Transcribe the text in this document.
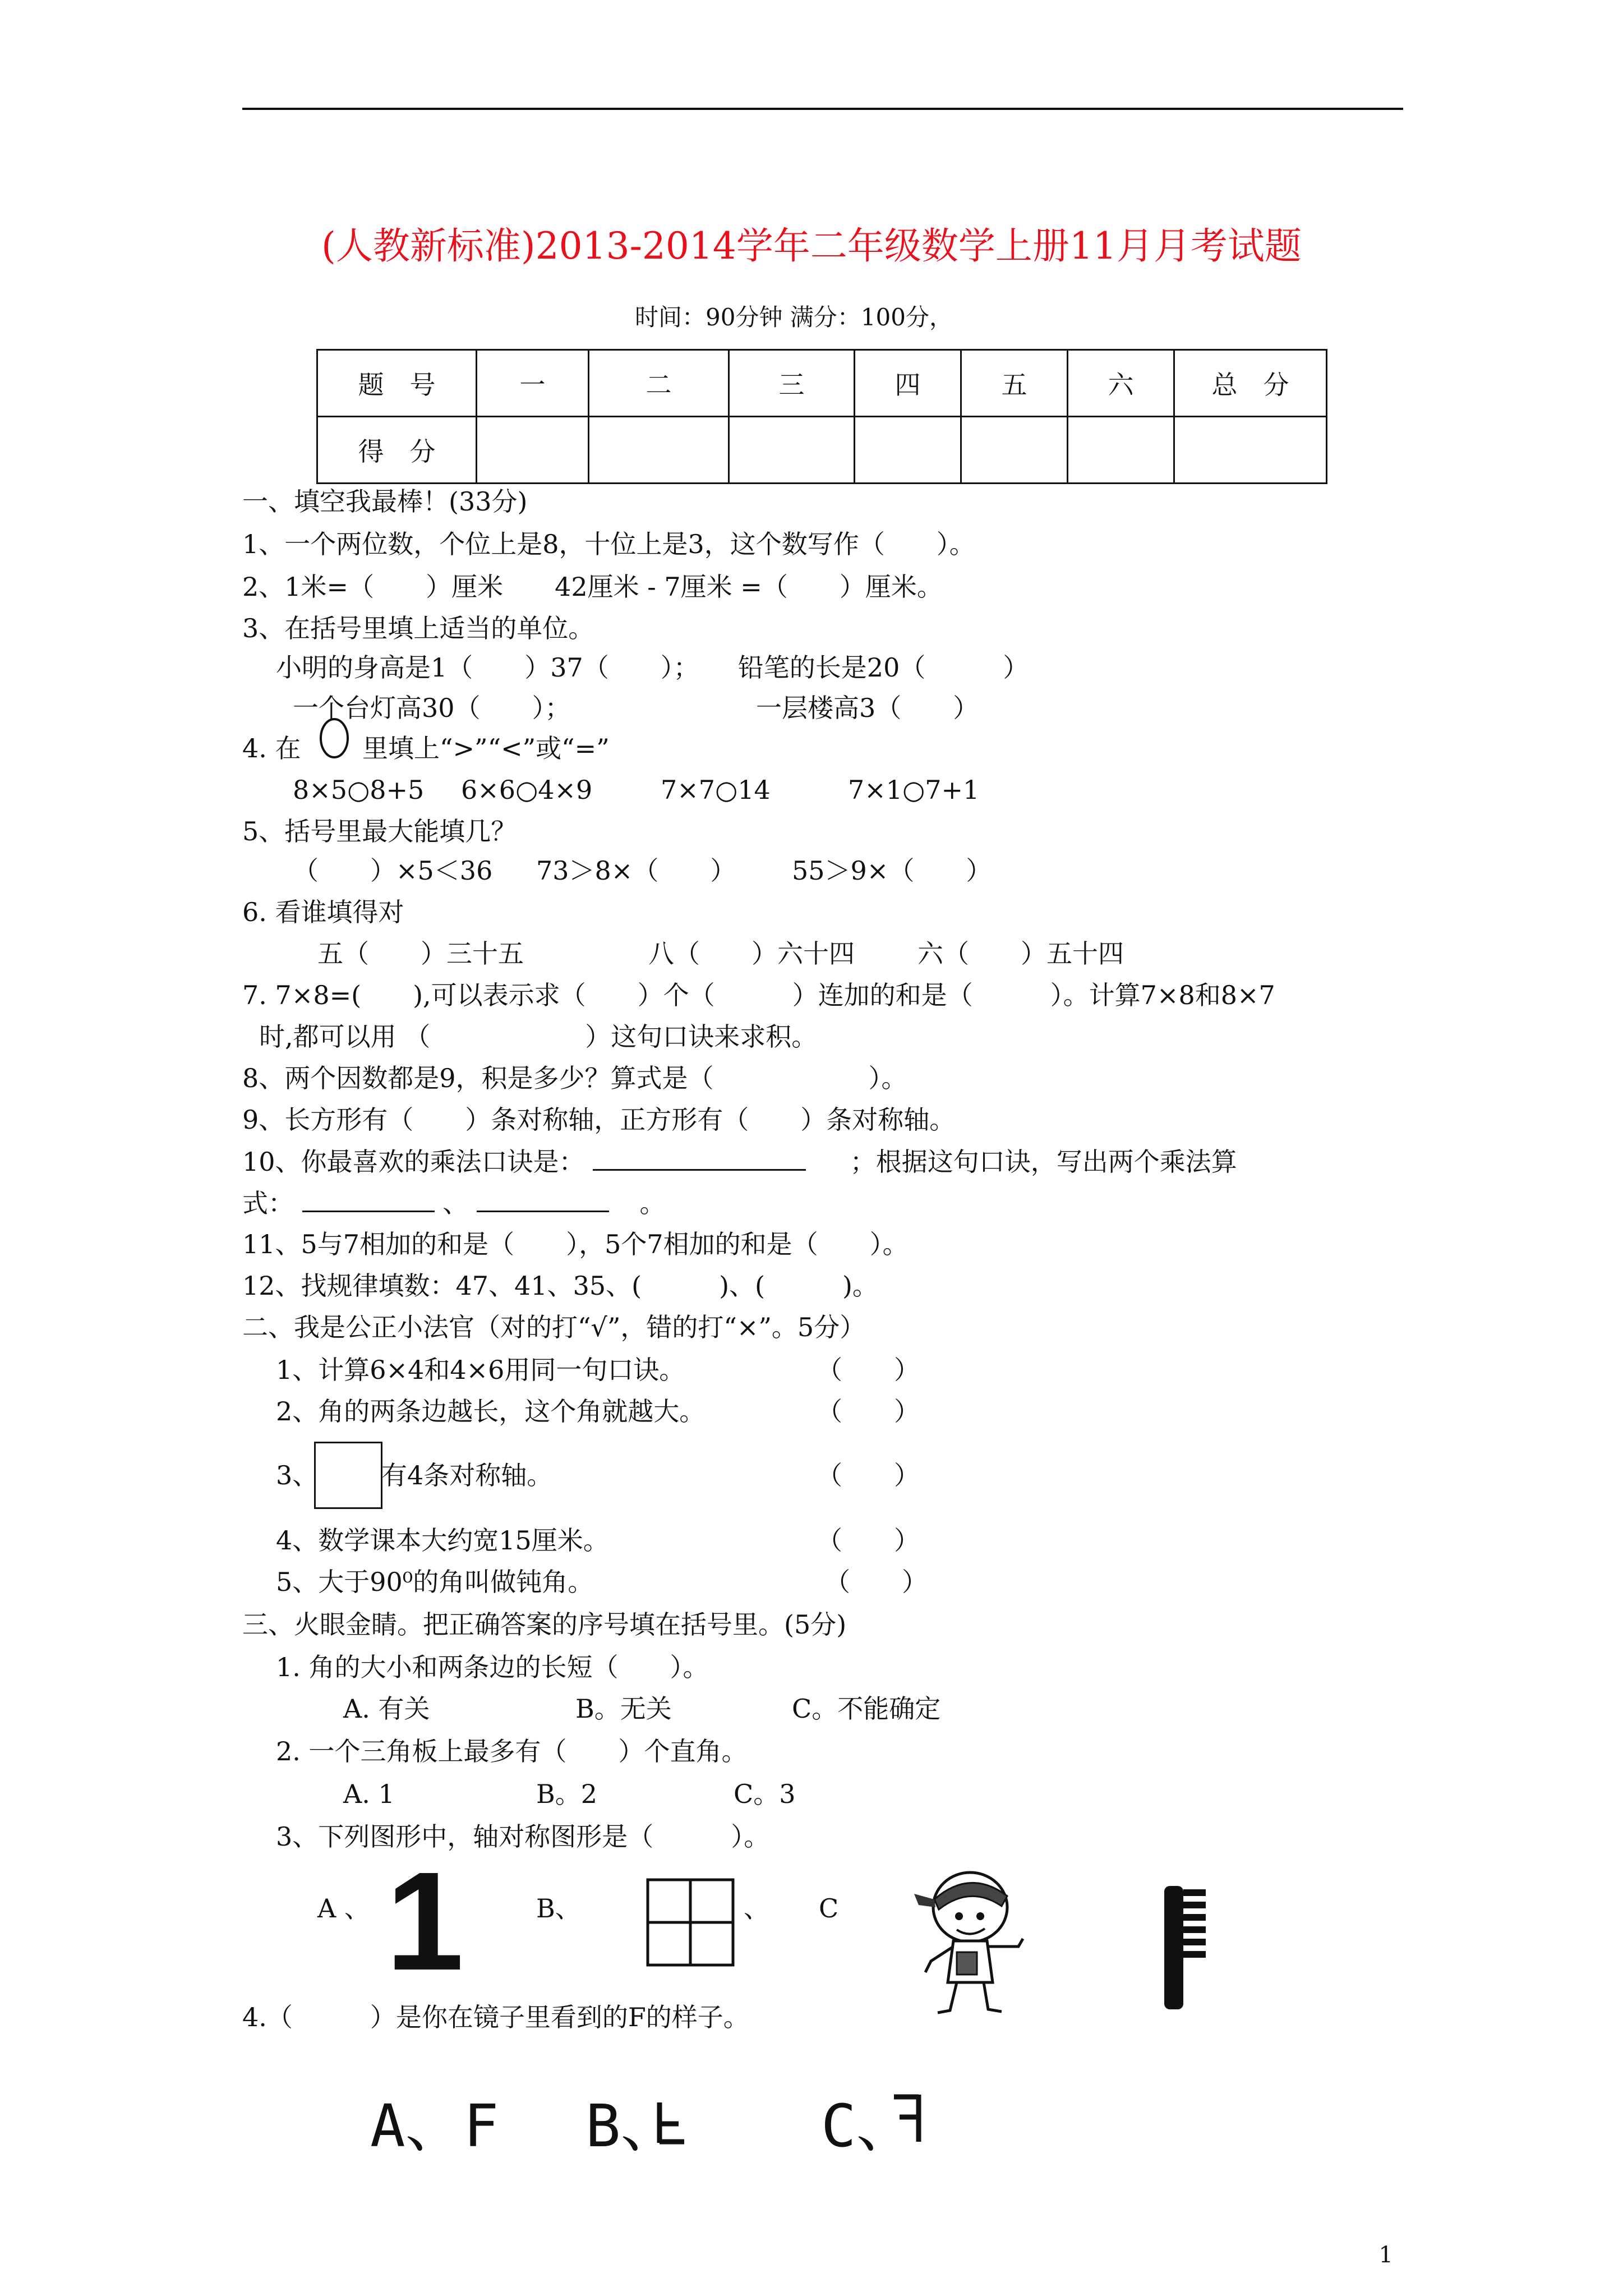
(人教新标准)2013-2014学年二年级数学上册11月月考试题
时间：90分钟 满分：100分，
题　号	一	二	三	四	五	六	总　分
得　分							
一、填空我最棒！(33分)
1、一个两位数，个位上是8，十位上是3，这个数写作（　　）。
2、1米=（　　）厘米　　42厘米 - 7厘米 =（　　）厘米。
3、在括号里填上适当的单位。
小明的身高是1（　　）37（　　）；　　铅笔的长是20（　　　）
一个台灯高30（　　）；	一层楼高3（　　）
4. 在 里填上“>”“<”或“=”
8×5○8+5 6×6○4×9	7×7○14	7×1○7+1
5、括号里最大能填几？
（　　）×5＜36 73＞8×（　　） 55＞9×（　　）
6. 看谁填得对
五（　　）三十五	八（　　）六十四 六（　　）五十四
7. 7×8=(　　),可以表示求（　　）个（　　　）连加的和是（　　　）。计算7×8和8×7
时,都可以用 （　　　　　　）这句口诀来求积。
8、两个因数都是9，积是多少？算式是（　　　　　　）。
9、长方形有（　　）条对称轴，正方形有（　　）条对称轴。
10、你最喜欢的乘法口诀是：	；根据这句口诀，写出两个乘法算
式：	、	。
11、5与7相加的和是（　　），5个7相加的和是（　　）。
12、找规律填数：47、41、35、(　　　)、(　　　)。
二、我是公正小法官（对的打“√”，错的打“×”。5分）
1、计算6×4和4×6用同一句口诀。	（　　）
2、角的两条边越长，这个角就越大。	（　　）
3、 有4条对称轴。	（　　）
4、数学课本大约宽15厘米。	（　　）
5、大于90⁰的角叫做钝角。	（　　）
三、火眼金睛。把正确答案的序号填在括号里。(5分)
1. 角的大小和两条边的长短（　　）。
A. 有关	B。无关	C。不能确定
2. 一个三角板上最多有（　　）个直角。
A. 1	B。2	C。3
3、下列图形中，轴对称图形是（　　　）。
A 、 1	B、	、 C
4.（　　　）是你在镜子里看到的F的样子。
A、F B、 C、
1
